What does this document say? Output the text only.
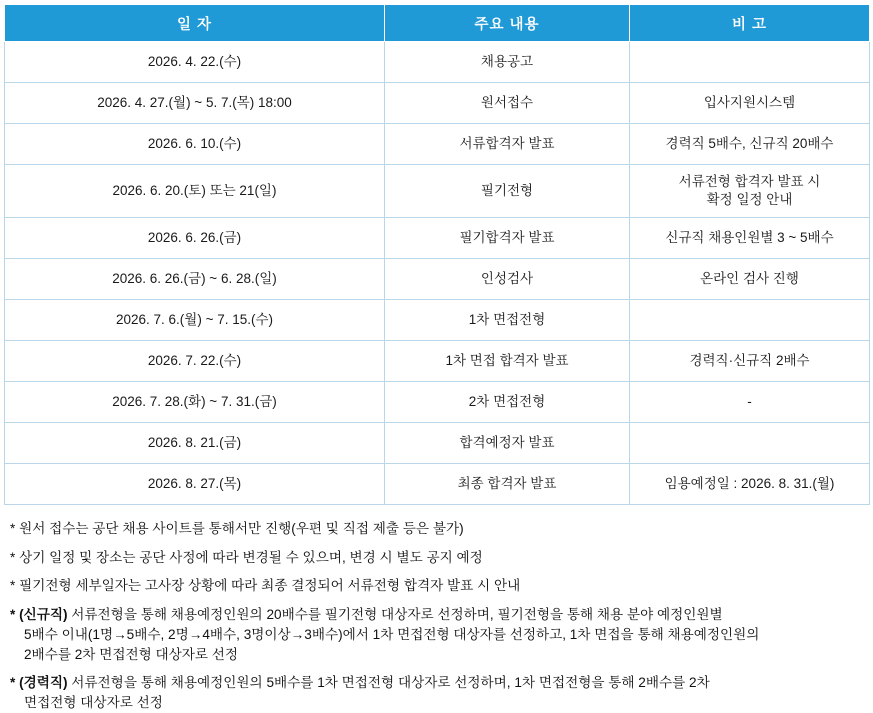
일 자	주요 내용	비 고
2026. 4. 22.(수)	채용공고	
2026. 4. 27.(월) ~ 5. 7.(목) 18:00	원서접수	입사지원시스템
2026. 6. 10.(수)	서류합격자 발표	경력직 5배수, 신규직 20배수
2026. 6. 20.(토) 또는 21(일)	필기전형	서류전형 합격자 발표 시
확정 일정 안내
2026. 6. 26.(금)	필기합격자 발표	신규직 채용인원별 3 ~ 5배수
2026. 6. 26.(금) ~ 6. 28.(일)	인성검사	온라인 검사 진행
2026. 7. 6.(월) ~ 7. 15.(수)	1차 면접전형	
2026. 7. 22.(수)	1차 면접 합격자 발표	경력직·신규직 2배수
2026. 7. 28.(화) ~ 7. 31.(금)	2차 면접전형	-
2026. 8. 21.(금)	합격예정자 발표	
2026. 8. 27.(목)	최종 합격자 발표	임용예정일 : 2026. 8. 31.(월)
* 원서 접수는 공단 채용 사이트를 통해서만 진행(우편 및 직접 제출 등은 불가)
* 상기 일정 및 장소는 공단 사정에 따라 변경될 수 있으며, 변경 시 별도 공지 예정
* 필기전형 세부일자는 고사장 상황에 따라 최종 결정되어 서류전형 합격자 발표 시 안내
* (신규직) 서류전형을 통해 채용예정인원의 20배수를 필기전형 대상자로 선정하며, 필기전형을 통해 채용 분야 예정인원별
5배수 이내(1명→5배수, 2명→4배수, 3명이상→3배수)에서 1차 면접전형 대상자를 선정하고, 1차 면접을 통해 채용예정인원의
2배수를 2차 면접전형 대상자로 선정
* (경력직) 서류전형을 통해 채용예정인원의 5배수를 1차 면접전형 대상자로 선정하며, 1차 면접전형을 통해 2배수를 2차
면접전형 대상자로 선정
